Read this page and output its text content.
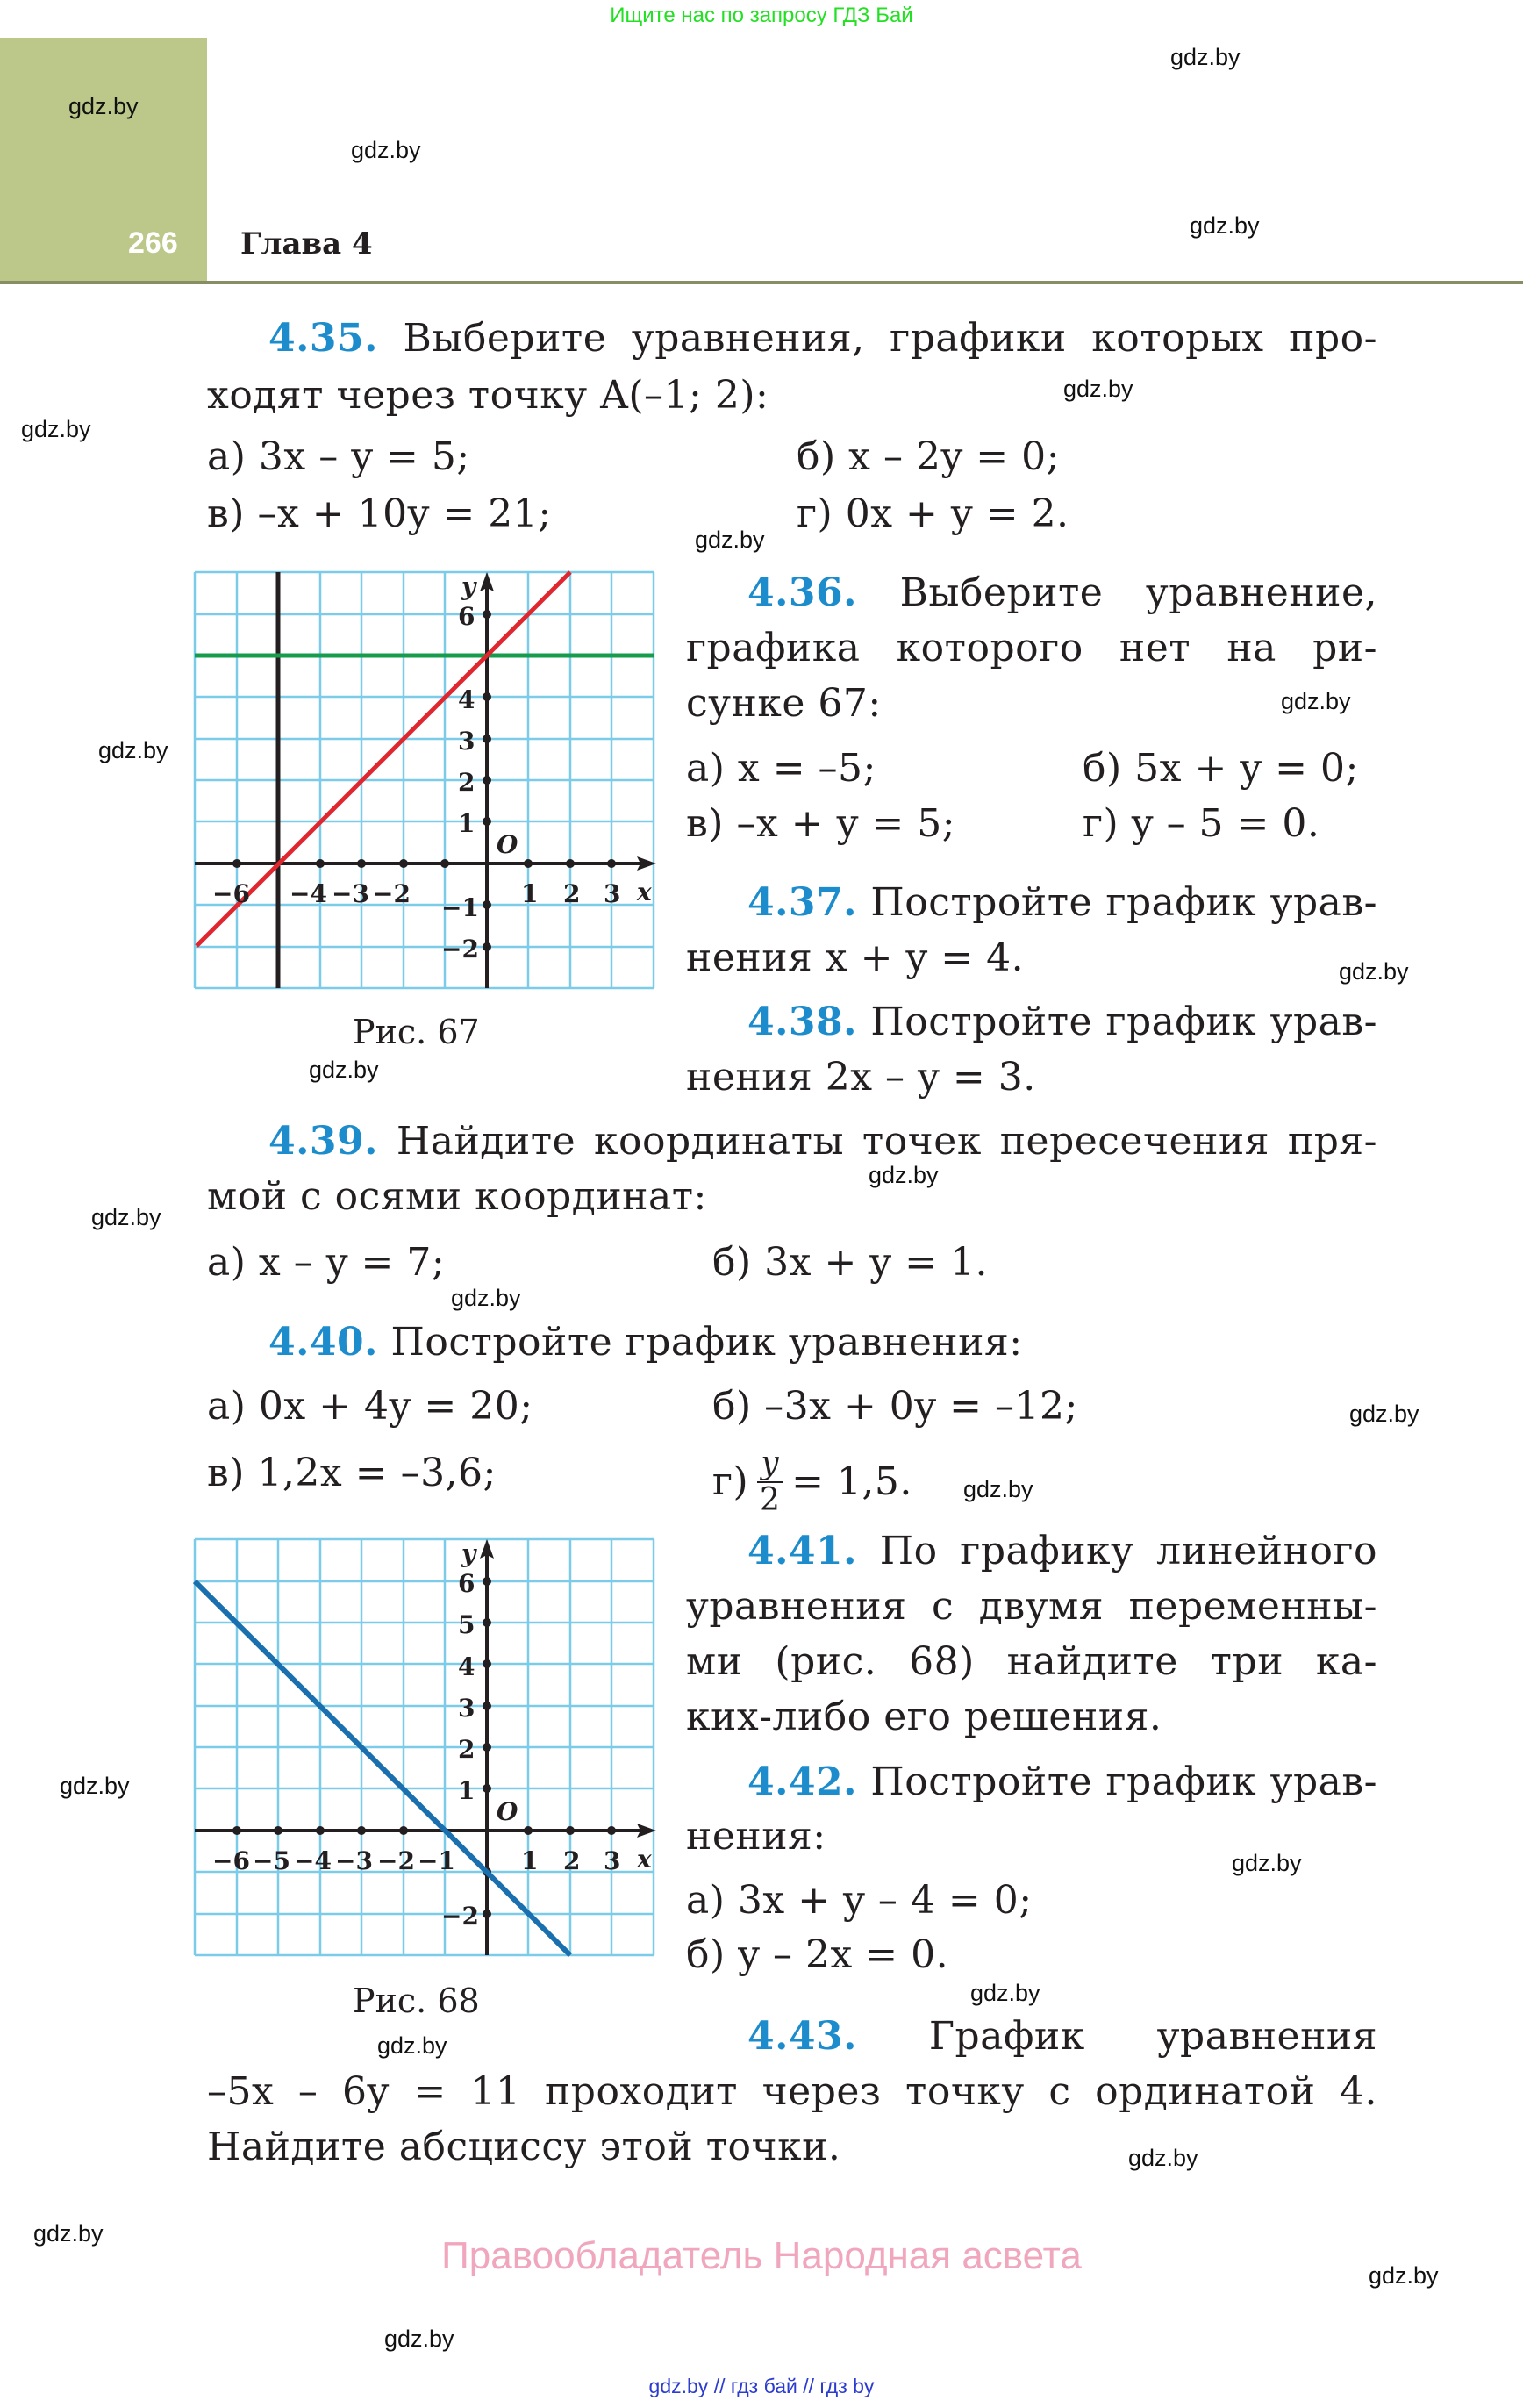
Ищите нас по запросу ГДЗ Бай
266 Глава 4
gdz.by
gdz.by
gdz.by
gdz.by
gdz.by
gdz.by
gdz.by
gdz.by
gdz.by
gdz.by
gdz.by
gdz.by
gdz.by
gdz.by
gdz.by
gdz.by
gdz.by
gdz.by
gdz.by
gdz.by
gdz.by
gdz.by
gdz.by
gdz.by
4.35. Выберите уравнения, графики которых про-
ходят через точку A(–1; 2):
а) 3x – y = 5;	б) x – 2y = 0;
в) –x + 10y = 21;	г) 0x + y = 2.
−6 −4 −3 −2	1 2 3 x
6
4
3
2
1
−1
−2
y
O
Рис. 67
4.36. Выберите уравнение,
графика которого нет на ри-
сунке 67:
а) x = –5;	б) 5x + y = 0;
в) –x + y = 5;	г) y – 5 = 0.
4.37. Постройте график урав-
нения x + y = 4.
4.38. Постройте график урав-
нения 2x – y = 3.
4.39. Найдите координаты точек пересечения пря-
мой с осями координат:
а) x – y = 7;	б) 3x + y = 1.
4.40. Постройте график уравнения:
а) 0x + 4y = 20;	б) –3x + 0y = –12;
в) 1,2x = –3,6;	$г) \frac{y}{2} = 1,5$.
−6 −5 −4 −3 −2 −1	1 2 3 x
6
5
4
3
2
1
−2
y
O
Рис. 68
4.41. По графику линейного
уравнения с двумя переменны-
ми (рис. 68) найдите три ка-
ких-либо его решения.
4.42. Постройте график урав-
нения:
а) 3x + y – 4 = 0;
б) y – 2x = 0.
4.43. График уравнения
–5x – 6y = 11 проходит через точку с ординатой 4.
Найдите абсциссу этой точки.
Правообладатель Народная асвета
gdz.by // гдз бай // гдз by
